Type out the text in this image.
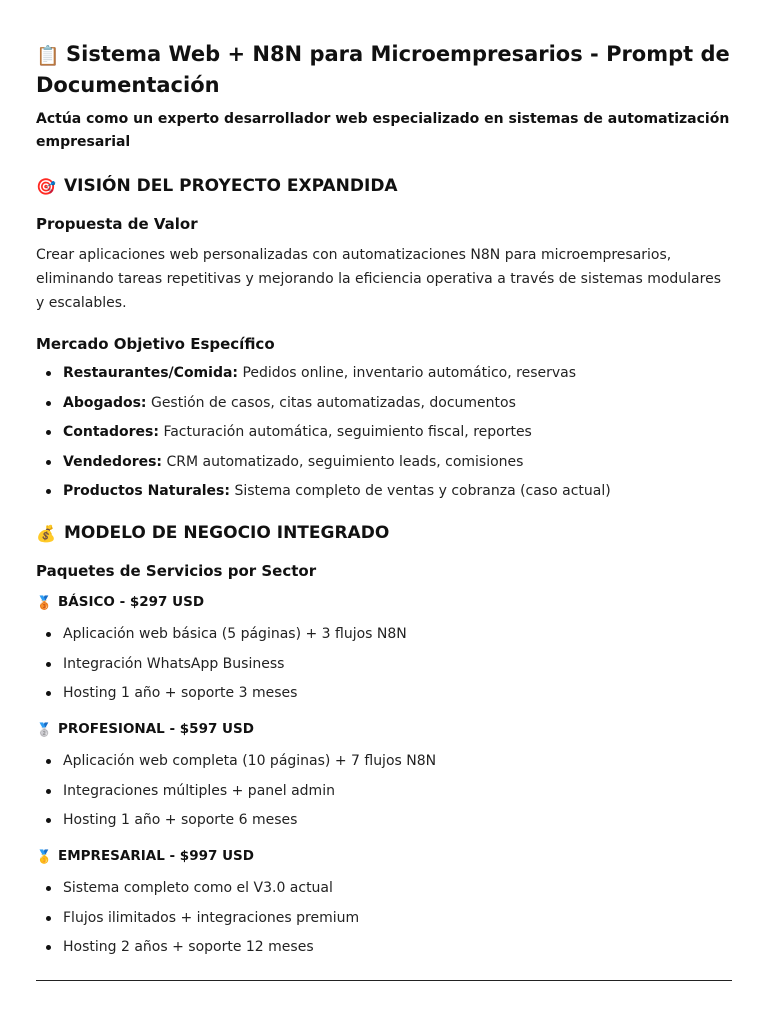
📋 Sistema Web + N8N para Microempresarios - Prompt de Documentación

Actúa como un experto desarrollador web especializado en sistemas de automatización empresarial

🎯 VISIÓN DEL PROYECTO EXPANDIDA
Propuesta de Valor

Crear aplicaciones web personalizadas con automatizaciones N8N para microempresarios, eliminando tareas repetitivas y mejorando la eficiencia operativa a través de sistemas modulares y escalables.

Mercado Objetivo Específico
Restaurantes/Comida: Pedidos online, inventario automático, reservas
Abogados: Gestión de casos, citas automatizadas, documentos
Contadores: Facturación automática, seguimiento fiscal, reportes
Vendedores: CRM automatizado, seguimiento leads, comisiones
Productos Naturales: Sistema completo de ventas y cobranza (caso actual)
💰 MODELO DE NEGOCIO INTEGRADO
Paquetes de Servicios por Sector
🥉 BÁSICO - $297 USD
Aplicación web básica (5 páginas) + 3 flujos N8N
Integración WhatsApp Business
Hosting 1 año + soporte 3 meses
🥈 PROFESIONAL - $597 USD
Aplicación web completa (10 páginas) + 7 flujos N8N
Integraciones múltiples + panel admin
Hosting 1 año + soporte 6 meses
🥇 EMPRESARIAL - $997 USD
Sistema completo como el V3.0 actual
Flujos ilimitados + integraciones premium
Hosting 2 años + soporte 12 meses
